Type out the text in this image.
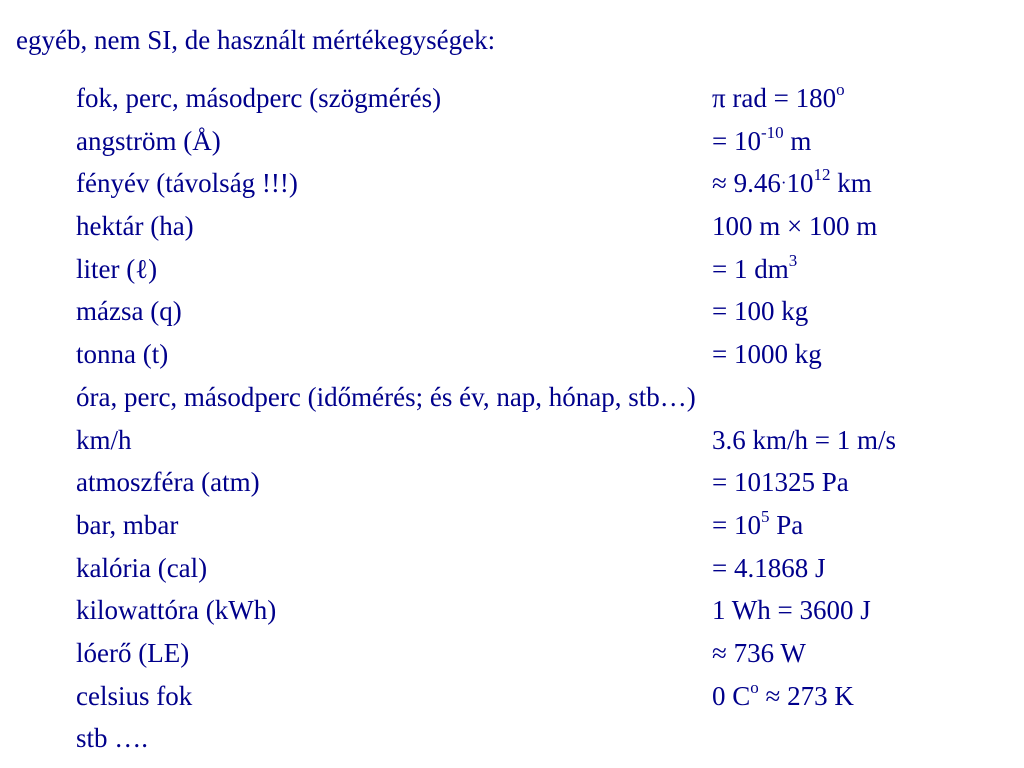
egyéb, nem SI, de használt mértékegységek:
fok, perc, másodperc (szögmérés)	π rad = $180^o$
angström (Å)	= $10^{-10}$ m
fényév (távolság !!!)	≈ $9.46\cdot 10^{12}$ km
hektár (ha)	100 m × 100 m
liter (ℓ)	= 1 $dm^3$
mázsa (q)	= 100 kg
tonna (t)	= 1000 kg
óra, perc, másodperc (időmérés; és év, nap, hónap, stb…)
km/h	3.6 km/h = 1 m/s
atmoszféra (atm)	= 101325 Pa
bar, mbar	= $10^5$ Pa
kalória (cal)	= 4.1868 J
kilowattóra (kWh)	1 Wh = 3600 J
lóerő (LE)	≈ 736 W
celsius fok	0 $C^o \approx 273$ K
stb ….
